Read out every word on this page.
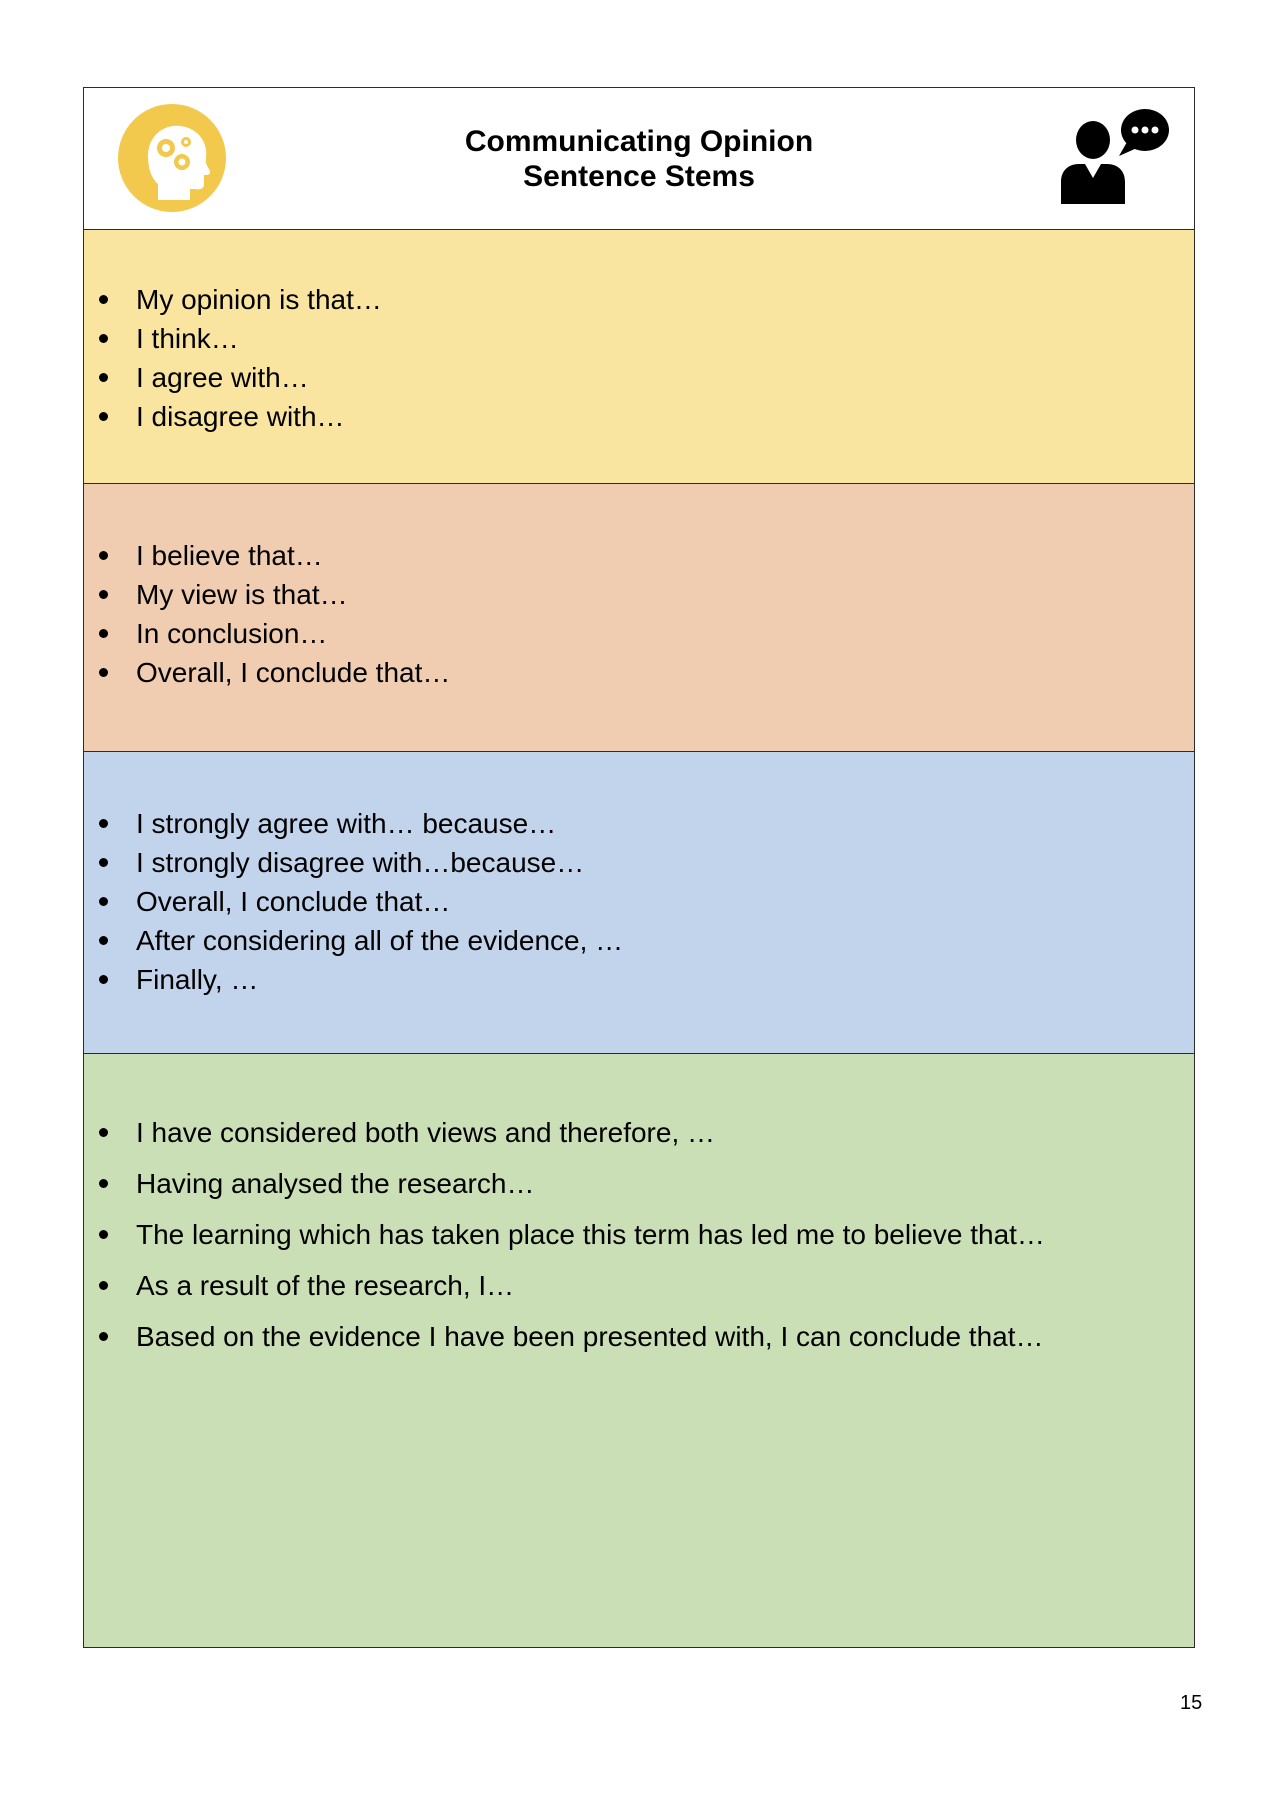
Communicating Opinion
Sentence Stems
My opinion is that…
I think…
I agree with…
I disagree with…
I believe that…
My view is that…
In conclusion…
Overall, I conclude that…
I strongly agree with… because…
I strongly disagree with…because…
Overall, I conclude that…
After considering all of the evidence, …
Finally, …
I have considered both views and therefore, …
Having analysed the research…
The learning which has taken place this term has led me to believe that…
As a result of the research, I…
Based on the evidence I have been presented with, I can conclude that…
15
